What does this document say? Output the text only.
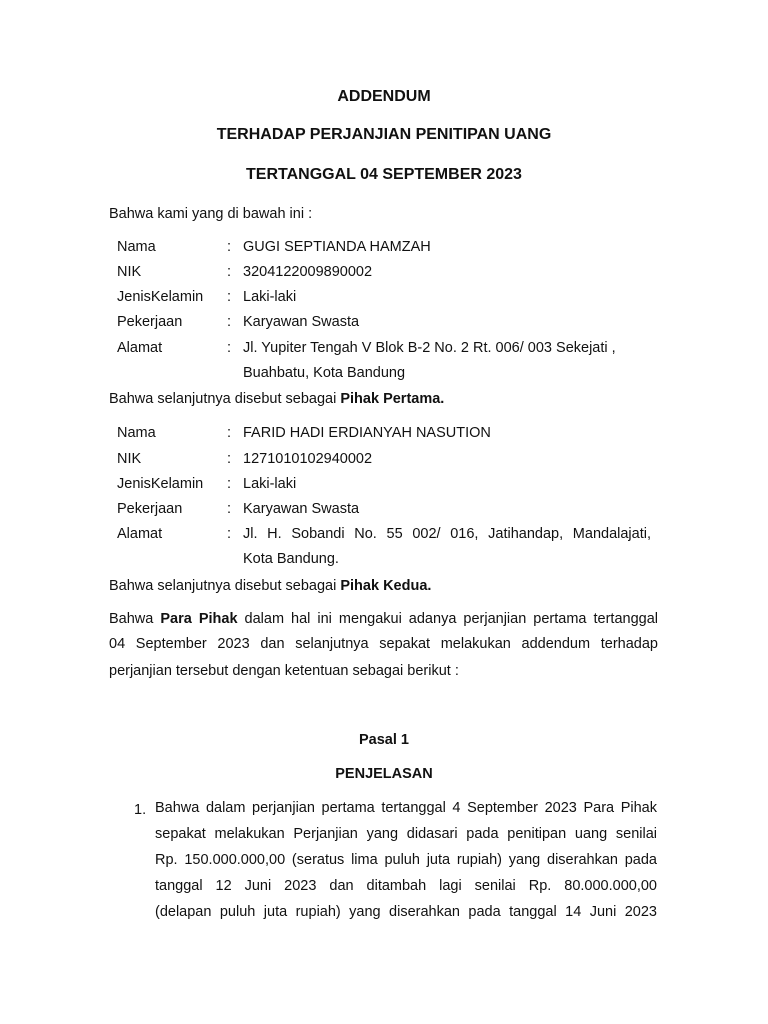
ADDENDUM
TERHADAP PERJANJIAN PENITIPAN UANG
TERTANGGAL 04 SEPTEMBER 2023
Bahwa kami yang di bawah ini :
Nama	: GUGI SEPTIANDA HAMZAH
NIK	: 3204122009890002
JenisKelamin : Laki-laki
Pekerjaan	: Karyawan Swasta
Alamat	: Jl. Yupiter Tengah V Blok B-2 No. 2 Rt. 006/ 003 Sekejati ,
Buahbatu, Kota Bandung
Bahwa selanjutnya disebut sebagai Pihak Pertama.
Nama	: FARID HADI ERDIANYAH NASUTION
NIK	: 1271010102940002
JenisKelamin : Laki-laki
Pekerjaan	: Karyawan Swasta
Alamat	: Jl. H. Sobandi No. 55 002/ 016, Jatihandap, Mandalajati,
Kota Bandung.
Bahwa selanjutnya disebut sebagai Pihak Kedua.
Bahwa Para Pihak dalam hal ini mengakui adanya perjanjian pertama tertanggal
04 September 2023 dan selanjutnya sepakat melakukan addendum terhadap
perjanjian tersebut dengan ketentuan sebagai berikut :
Pasal 1
PENJELASAN
1. Bahwa dalam perjanjian pertama tertanggal 4 September 2023 Para Pihak
sepakat melakukan Perjanjian yang didasari pada penitipan uang senilai
Rp. 150.000.000,00 (seratus lima puluh juta rupiah) yang diserahkan pada
tanggal 12 Juni 2023 dan ditambah lagi senilai Rp. 80.000.000,00
(delapan puluh juta rupiah) yang diserahkan pada tanggal 14 Juni 2023
